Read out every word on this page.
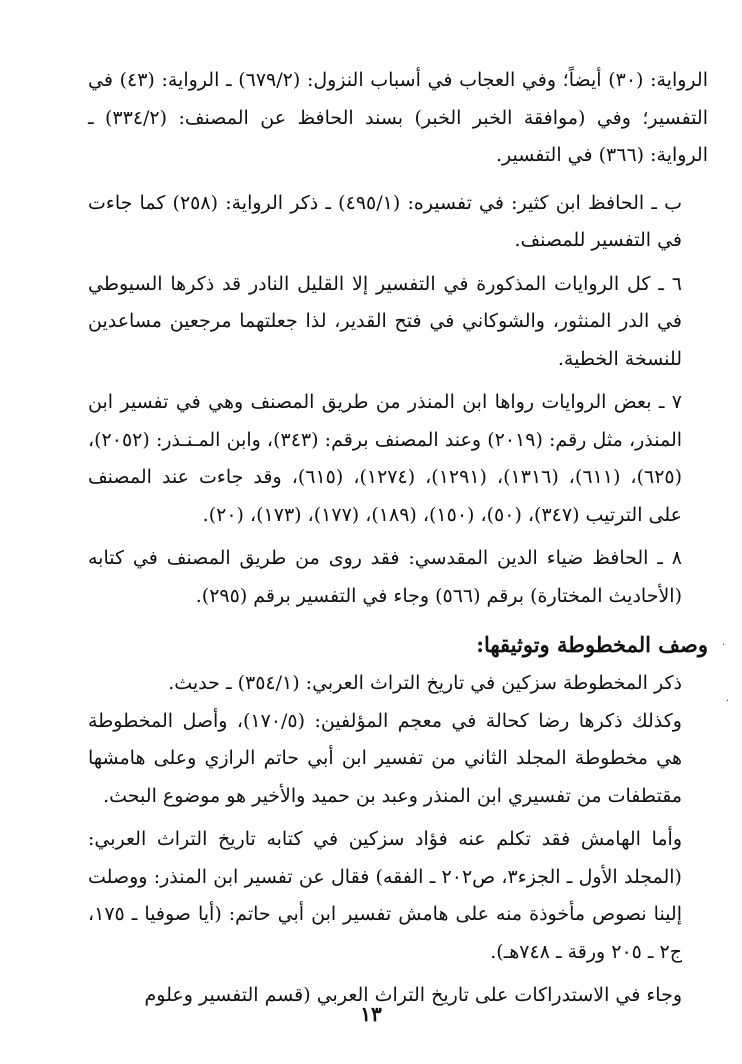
الرواية: (٣٠) أيضاً؛ وفي العجاب في أسباب النزول: (٦٧٩/٢) ـ الرواية: (٤٣) في التفسير؛ وفي (موافقة الخبر الخبر) بسند الحافظ عن المصنف: (٣٣٤/٢) ـ الرواية: (٣٦٦) في التفسير.

ب ـ الحافظ ابن كثير: في تفسيره: (٤٩٥/١) ـ ذكر الرواية: (٢٥٨) كما جاءت في التفسير للمصنف.

٦ ـ كل الروايات المذكورة في التفسير إلا القليل النادر قد ذكرها السيوطي في الدر المنثور، والشوكاني في فتح القدير، لذا جعلتهما مرجعين مساعدين للنسخة الخطية.

٧ ـ بعض الروايات رواها ابن المنذر من طريق المصنف وهي في تفسير ابن المنذر، مثل رقم: (٢٠١٩) وعند المصنف برقم: (٣٤٣)، وابن المـنـذر: (٢٠٥٢)، (٦٢٥)، (٦١١)، (١٣١٦)، (١٢٩١)، (١٢٧٤)، (٦١٥)، وقد جاءت عند المصنف على الترتيب (٣٤٧)، (٥٠)، (١٥٠)، (١٨٩)، (١٧٧)، (١٧٣)، (٢٠).

٨ ـ الحافظ ضياء الدين المقدسي: فقد روى من طريق المصنف في كتابه (الأحاديث المختارة) برقم (٥٦٦) وجاء في التفسير برقم (٢٩٥).

وصف المخطوطة وتوثيقها:

ذكر المخطوطة سزكين في تاريخ التراث العربي: (٣٥٤/١) ـ حديث.

وكذلك ذكرها رضا كحالة في معجم المؤلفين: (١٧٠/٥)، وأصل المخطوطة هي مخطوطة المجلد الثاني من تفسير ابن أبي حاتم الرازي وعلى هامشها مقتطفات من تفسيري ابن المنذر وعبد بن حميد والأخير هو موضوع البحث.

وأما الهامش فقد تكلم عنه فؤاد سزكين في كتابه تاريخ التراث العربي: (المجلد الأول ـ الجزء٣، ص٢٠٢ ـ الفقه) فقال عن تفسير ابن المنذر: ووصلت إلينا نصوص مأخوذة منه على هامش تفسير ابن أبي حاتم: (أيا صوفيا ـ ١٧٥، ج٢ ـ ٢٠٥ ورقة ـ ٧٤٨هـ).

وجاء في الاستدراكات على تاريخ التراث العربي (قسم التفسير وعلوم

١٣
·
·
